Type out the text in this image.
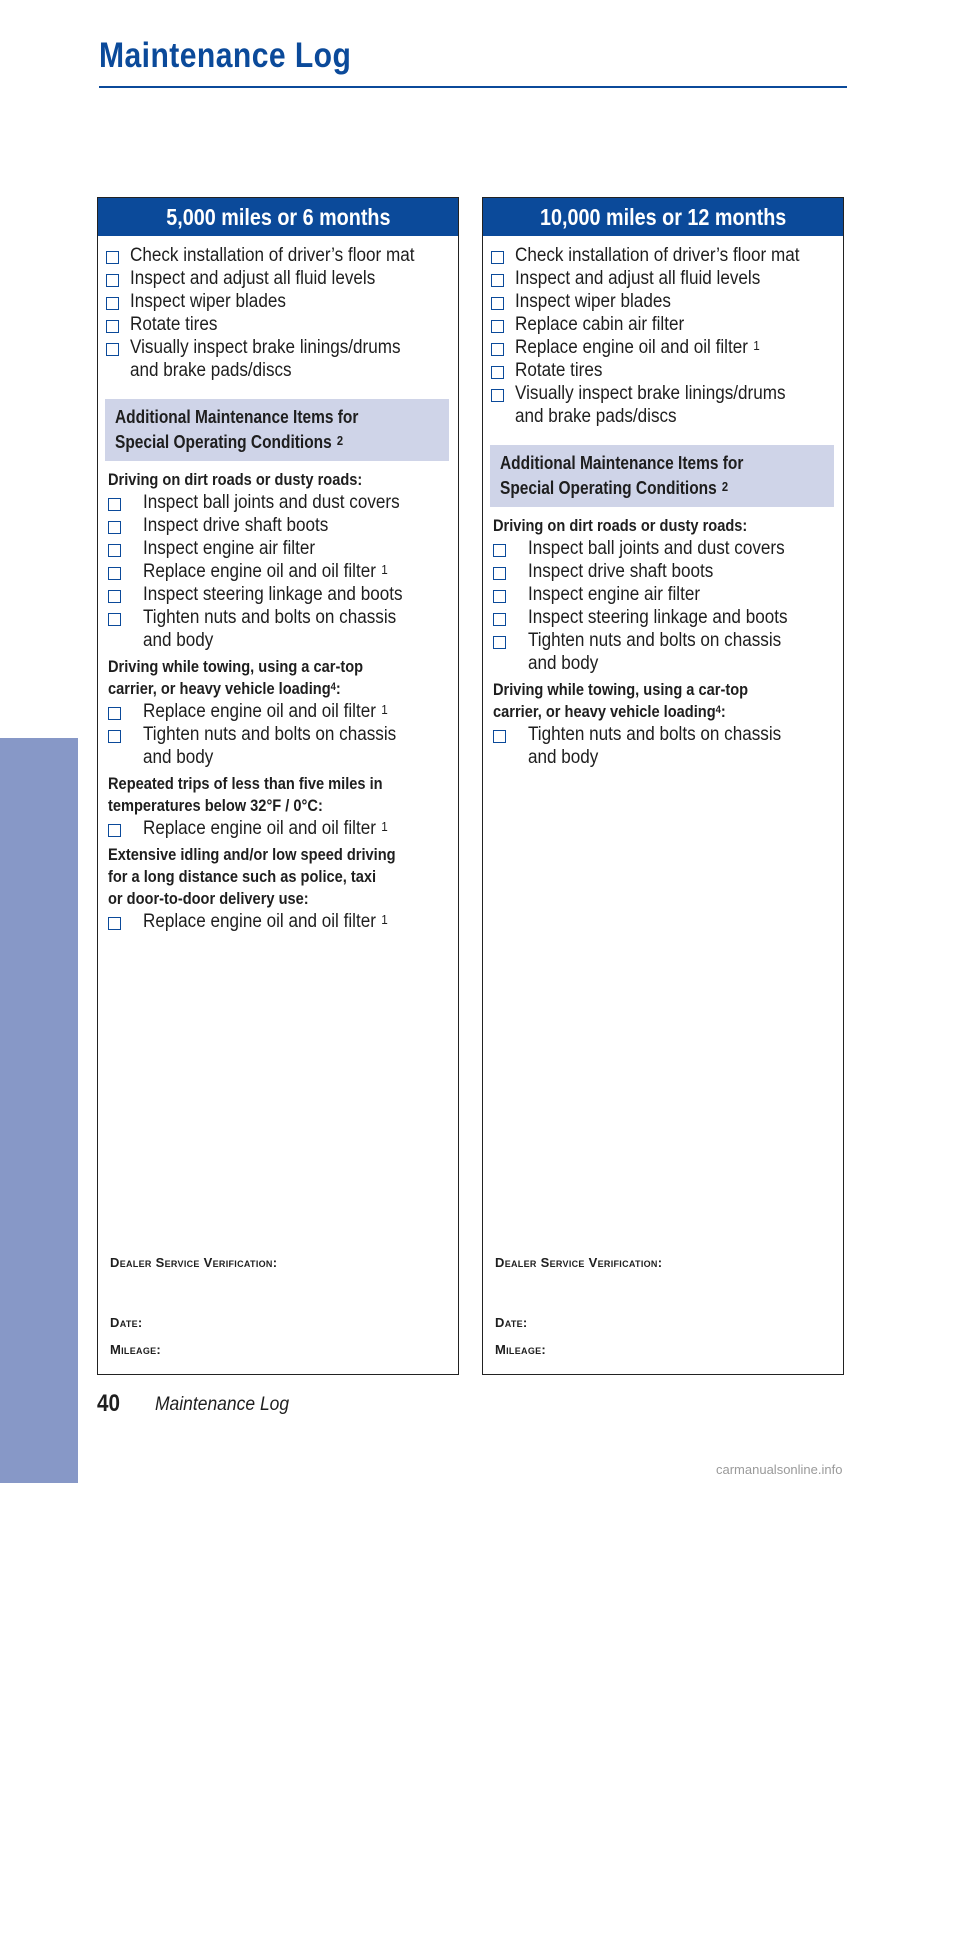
Maintenance Log
MAINTENANCE
5,000 miles or 6 months
Check installation of driver’s floor mat
Inspect and adjust all fluid levels
Inspect wiper blades
Rotate tires
Visually inspect brake linings/drums
and brake pads/discs
Additional Maintenance Items for
Special Operating Conditions $^2$
Driving on dirt roads or dusty roads:
Inspect ball joints and dust covers
Inspect drive shaft boots
Inspect engine air filter
Replace engine oil and oil filter $^1$
Inspect steering linkage and boots
Tighten nuts and bolts on chassis
and body
Driving while towing, using a car-top
carrier, or heavy vehicle loading$^4$:
Replace engine oil and oil filter $^1$
Tighten nuts and bolts on chassis
and body
Repeated trips of less than five miles in
temperatures below 32°F / 0°C:
Replace engine oil and oil filter $^1$
Extensive idling and/or low speed driving
for a long distance such as police, taxi
or door-to-door delivery use:
Replace engine oil and oil filter $^1$
Dealer Service Verification:
Date:
Mileage:
10,000 miles or 12 months
Check installation of driver’s floor mat
Inspect and adjust all fluid levels
Inspect wiper blades
Replace cabin air filter
Replace engine oil and oil filter $^1$
Rotate tires
Visually inspect brake linings/drums
and brake pads/discs
Additional Maintenance Items for
Special Operating Conditions $^2$
Driving on dirt roads or dusty roads:
Inspect ball joints and dust covers
Inspect drive shaft boots
Inspect engine air filter
Inspect steering linkage and boots
Tighten nuts and bolts on chassis
and body
Driving while towing, using a car-top
carrier, or heavy vehicle loading$^4$:
Tighten nuts and bolts on chassis
and body
Dealer Service Verification:
Date:
Mileage:
40 Maintenance Log
carmanualsonline.info
